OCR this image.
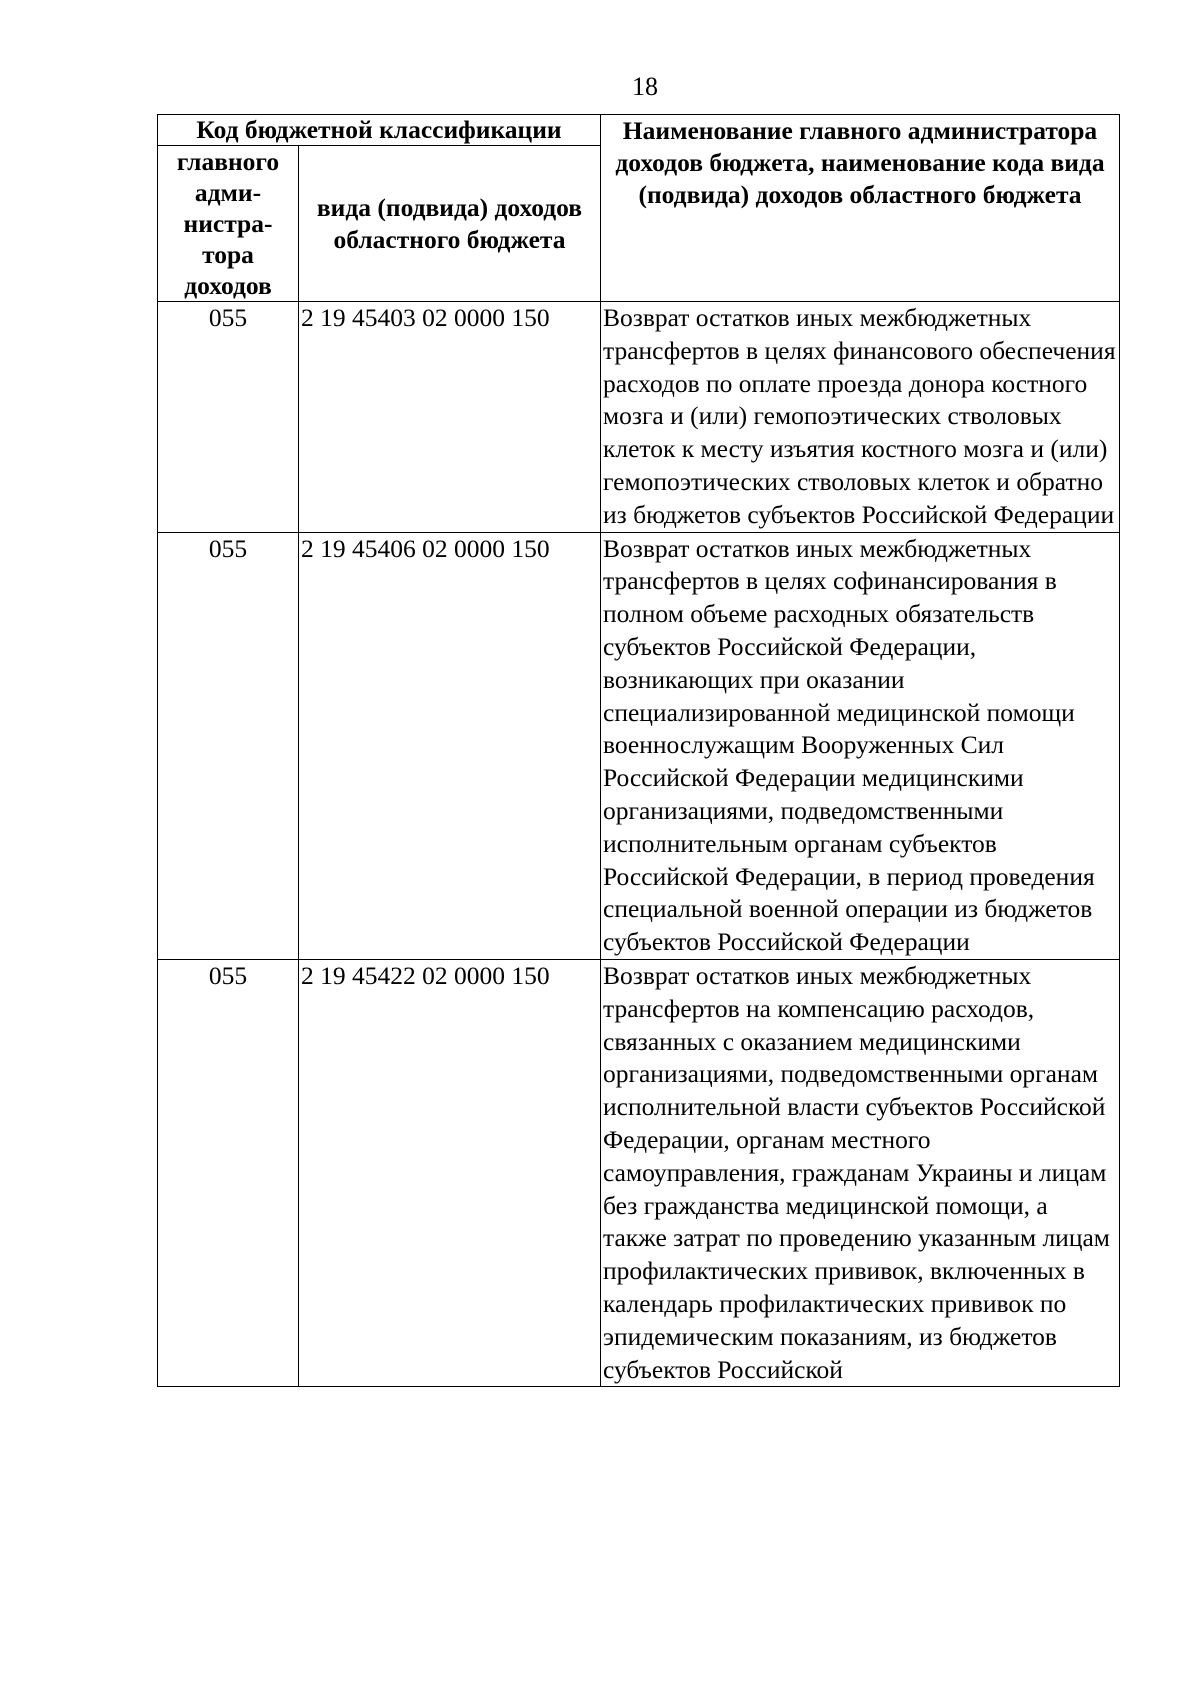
18
Код бюджетной классификации		Наименование главного администратора доходов бюджета, наименование кода вида (подвида) доходов областного бюджета
главного адми-нистра-тора доходов	вида (подвида) доходов областного бюджета	
055	2 19 45403 02 0000 150	Возврат остатков иных межбюджетных трансфертов в целях финансового обеспечения расходов по оплате проезда донора костного мозга и (или) гемопоэтических стволовых клеток к месту изъятия костного мозга и (или) гемопоэтических стволовых клеток и обратно из бюджетов субъектов Российской Федерации
055	2 19 45406 02 0000 150	Возврат остатков иных межбюджетных трансфертов в целях софинансирования в полном объеме расходных обязательств субъектов Российской Федерации, возникающих при оказании специализированной медицинской помощи военнослужащим Вооруженных Сил Российской Федерации медицинскими организациями, подведомственными исполнительным органам субъектов Российской Федерации, в период проведения специальной военной операции из бюджетов субъектов Российской Федерации
055	2 19 45422 02 0000 150	Возврат остатков иных межбюджетных трансфертов на компенсацию расходов, связанных с оказанием медицинскими организациями, подведомственными органам исполнительной власти субъектов Российской Федерации, органам местного самоуправления, гражданам Украины и лицам без гражданства медицинской помощи, а также затрат по проведению указанным лицам профилактических прививок, включенных в календарь профилактических прививок по эпидемическим показаниям, из бюджетов субъектов Российской
